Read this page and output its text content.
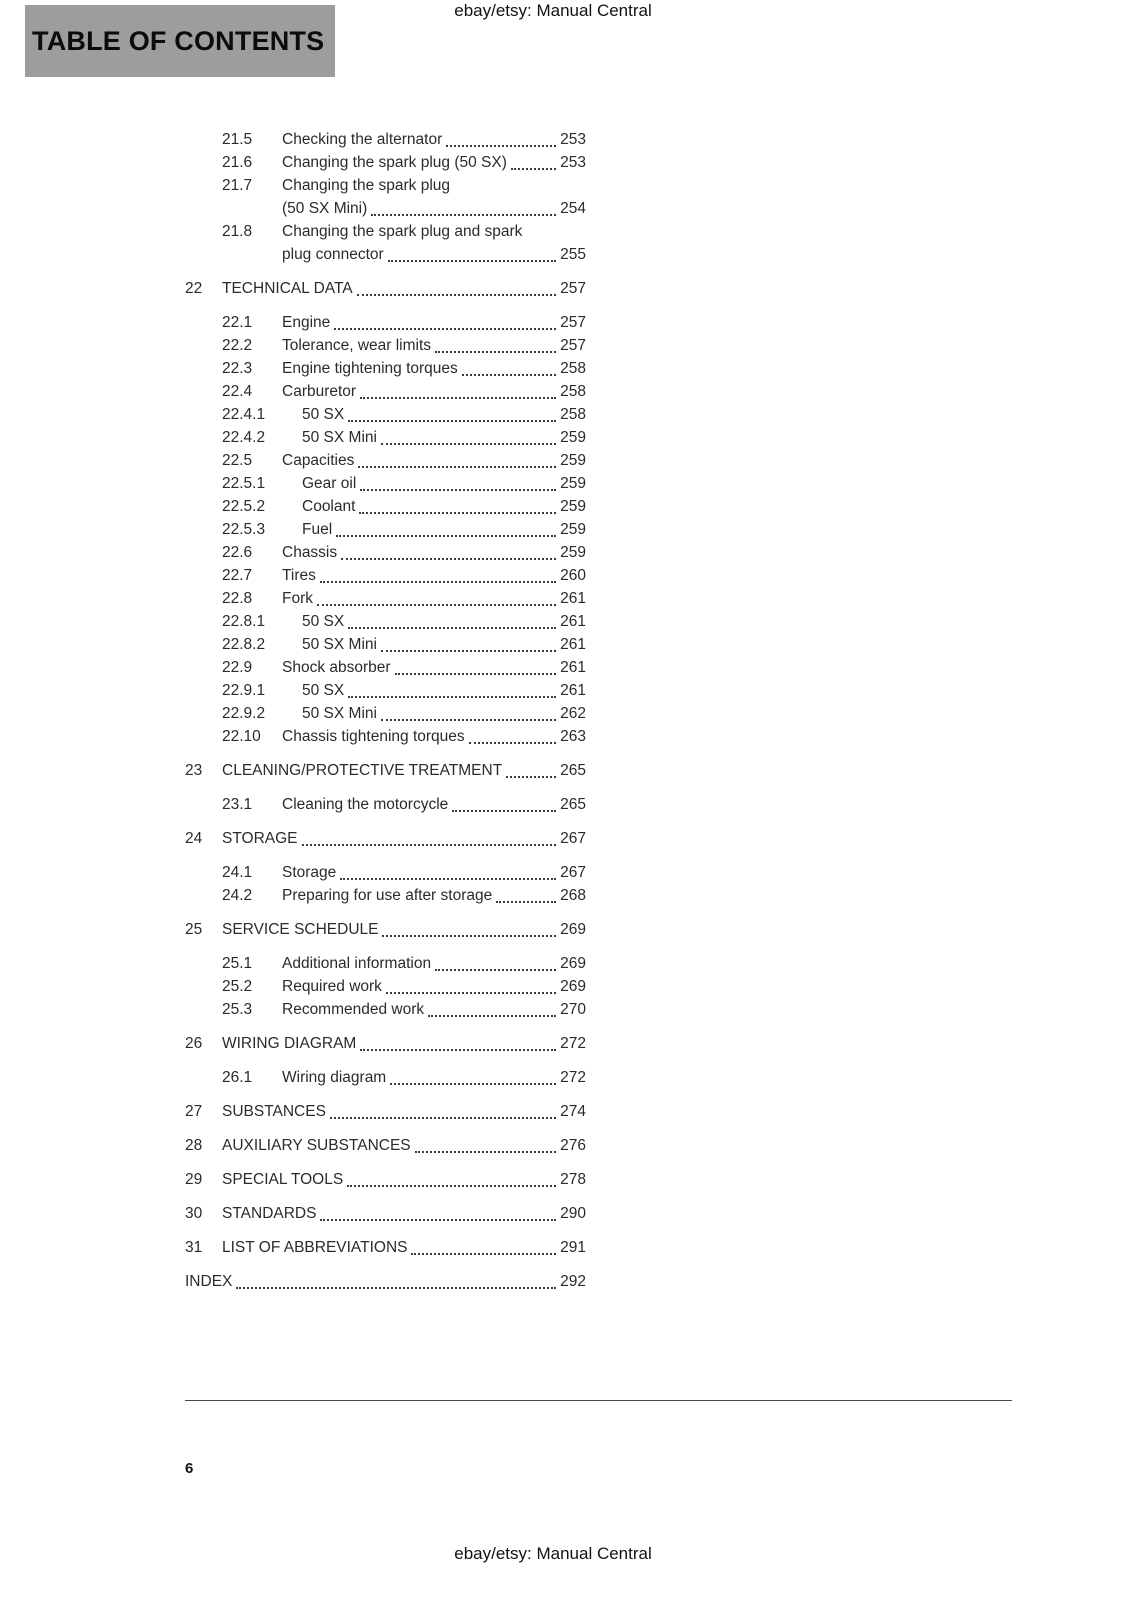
ebay/etsy: Manual Central
TABLE OF CONTENTS
21.5	Checking the alternator	253
21.6	Changing the spark plug (50 SX)	253
21.7	Changing the spark plug
(50 SX Mini)	254
21.8	Changing the spark plug and spark
plug connector	255
22	TECHNICAL DATA	257
22.1	Engine	257
22.2	Tolerance, wear limits	257
22.3	Engine tightening torques	258
22.4	Carburetor	258
22.4.1	50 SX	258
22.4.2	50 SX Mini	259
22.5	Capacities	259
22.5.1	Gear oil	259
22.5.2	Coolant	259
22.5.3	Fuel	259
22.6	Chassis	259
22.7	Tires	260
22.8	Fork	261
22.8.1	50 SX	261
22.8.2	50 SX Mini	261
22.9	Shock absorber	261
22.9.1	50 SX	261
22.9.2	50 SX Mini	262
22.10	Chassis tightening torques	263
23	CLEANING/PROTECTIVE TREATMENT	265
23.1	Cleaning the motorcycle	265
24	STORAGE	267
24.1	Storage	267
24.2	Preparing for use after storage	268
25	SERVICE SCHEDULE	269
25.1	Additional information	269
25.2	Required work	269
25.3	Recommended work	270
26	WIRING DIAGRAM	272
26.1	Wiring diagram	272
27	SUBSTANCES	274
28	AUXILIARY SUBSTANCES	276
29	SPECIAL TOOLS	278
30	STANDARDS	290
31	LIST OF ABBREVIATIONS	291
INDEX	292
6
ebay/etsy: Manual Central
